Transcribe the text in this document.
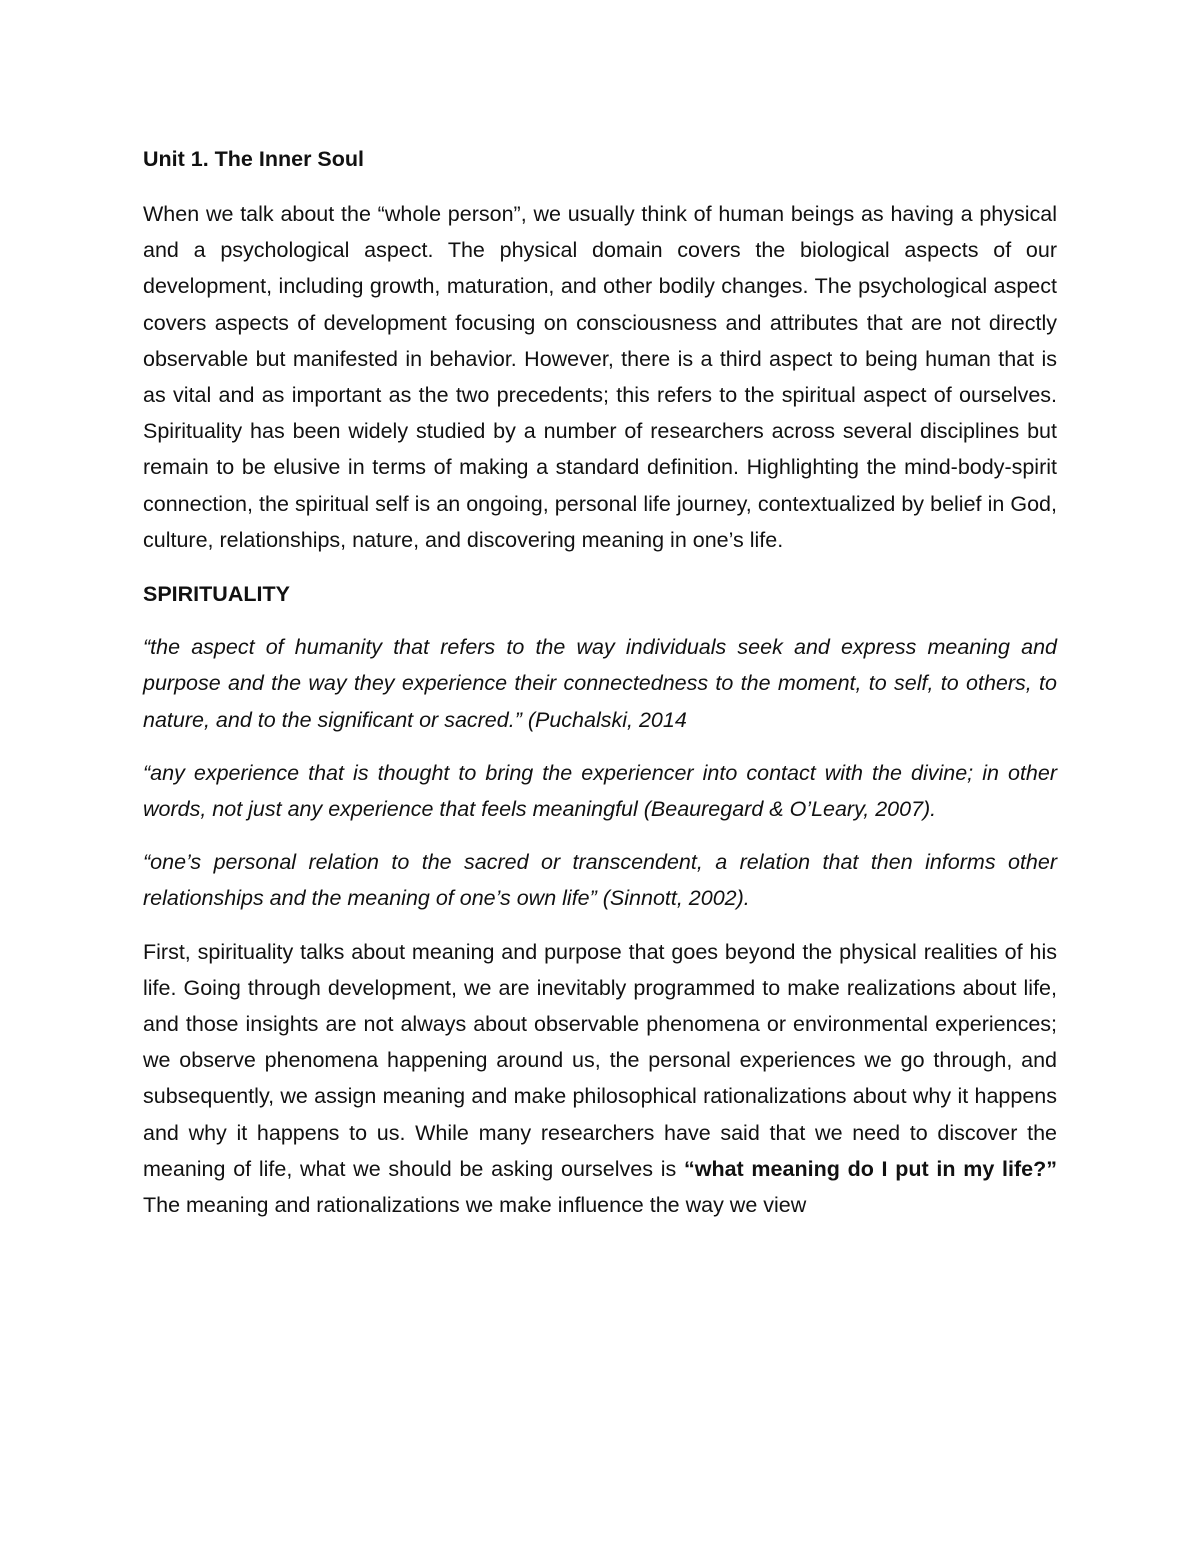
Unit 1. The Inner Soul

When we talk about the “whole person”, we usually think of human beings as having a physical and a psychological aspect. The physical domain covers the biological aspects of our development, including growth, maturation, and other bodily changes. The psychological aspect covers aspects of development focusing on consciousness and attributes that are not directly observable but manifested in behavior. However, there is a third aspect to being human that is as vital and as important as the two precedents; this refers to the spiritual aspect of ourselves. Spirituality has been widely studied by a number of researchers across several disciplines but remain to be elusive in terms of making a standard definition. Highlighting the mind-body-spirit connection, the spiritual self is an ongoing, personal life journey, contextualized by belief in God, culture, relationships, nature, and discovering meaning in one’s life.

SPIRITUALITY

“the aspect of humanity that refers to the way individuals seek and express meaning and purpose and the way they experience their connectedness to the moment, to self, to others, to nature, and to the significant or sacred.” (Puchalski, 2014

“any experience that is thought to bring the experiencer into contact with the divine; in other words, not just any experience that feels meaningful (Beauregard & O’Leary, 2007).

“one’s personal relation to the sacred or transcendent, a relation that then informs other relationships and the meaning of one’s own life” (Sinnott, 2002).

First, spirituality talks about meaning and purpose that goes beyond the physical realities of his life. Going through development, we are inevitably programmed to make realizations about life, and those insights are not always about observable phenomena or environmental experiences; we observe phenomena happening around us, the personal experiences we go through, and subsequently, we assign meaning and make philosophical rationalizations about why it happens and why it happens to us. While many researchers have said that we need to discover the meaning of life, what we should be asking ourselves is “what meaning do I put in my life?” The meaning and rationalizations we make influence the way we view
